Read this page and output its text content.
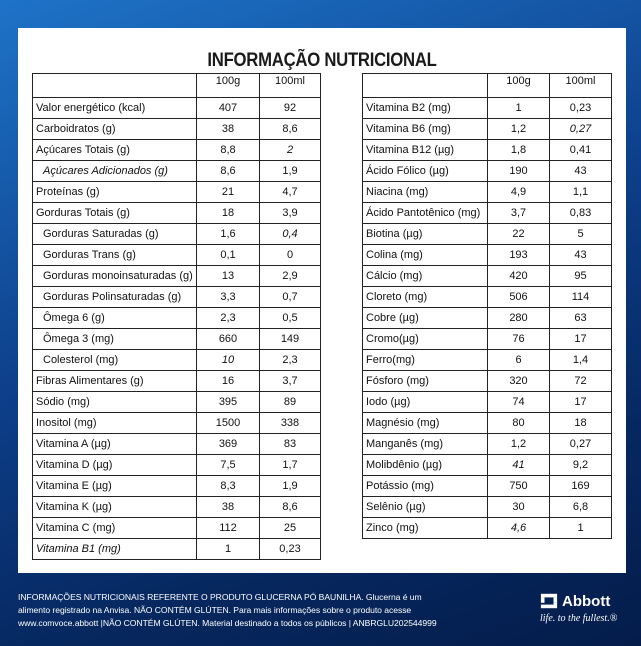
INFORMAÇÃO NUTRICIONAL
	100g	100ml
Valor energético (kcal)	407	92
Carboidratos (g)	38	8,6
Açúcares Totais (g)	8,8	2
Açúcares Adicionados (g)	8,6	1,9
Proteínas (g)	21	4,7
Gorduras Totais (g)	18	3,9
Gorduras Saturadas (g)	1,6	0,4
Gorduras Trans (g)	0,1	0
Gorduras monoinsaturadas (g)	13	2,9
Gorduras Polinsaturadas (g)	3,3	0,7
Ômega 6 (g)	2,3	0,5
Ômega 3 (mg)	660	149
Colesterol (mg)	10	2,3
Fibras Alimentares (g)	16	3,7
Sódio (mg)	395	89
Inositol (mg)	1500	338
Vitamina A (µg)	369	83
Vitamina D (µg)	7,5	1,7
Vitamina E (µg)	8,3	1,9
Vitamina K (µg)	38	8,6
Vitamina C (mg)	112	25
Vitamina B1 (mg)	1	0,23
	100g	100ml
Vitamina B2 (mg)	1	0,23
Vitamina B6 (mg)	1,2	0,27
Vitamina B12 (µg)	1,8	0,41
Ácido Fólico (µg)	190	43
Niacina (mg)	4,9	1,1
Ácido Pantotênico (mg)	3,7	0,83
Biotina (µg)	22	5
Colina (mg)	193	43
Cálcio (mg)	420	95
Cloreto (mg)	506	114
Cobre (µg)	280	63
Cromo(µg)	76	17
Ferro(mg)	6	1,4
Fósforo (mg)	320	72
Iodo (µg)	74	17
Magnésio (mg)	80	18
Manganês (mg)	1,2	0,27
Molibdênio (µg)	41	9,2
Potássio (mg)	750	169
Selênio (µg)	30	6,8
Zinco (mg)	4,6	1
INFORMAÇÕES NUTRICIONAIS REFERENTE O PRODUTO GLUCERNA PÓ BAUNILHA. Glucerna é um
alimento registrado na Anvisa. NÃO CONTÉM GLÚTEN. Para mais informações sobre o produto acesse
www.comvoce.abbott |NÃO CONTÉM GLÚTEN. Material destinado a todos os públicos | ANBRGLU202544999
Abbott
life. to the fullest.®
